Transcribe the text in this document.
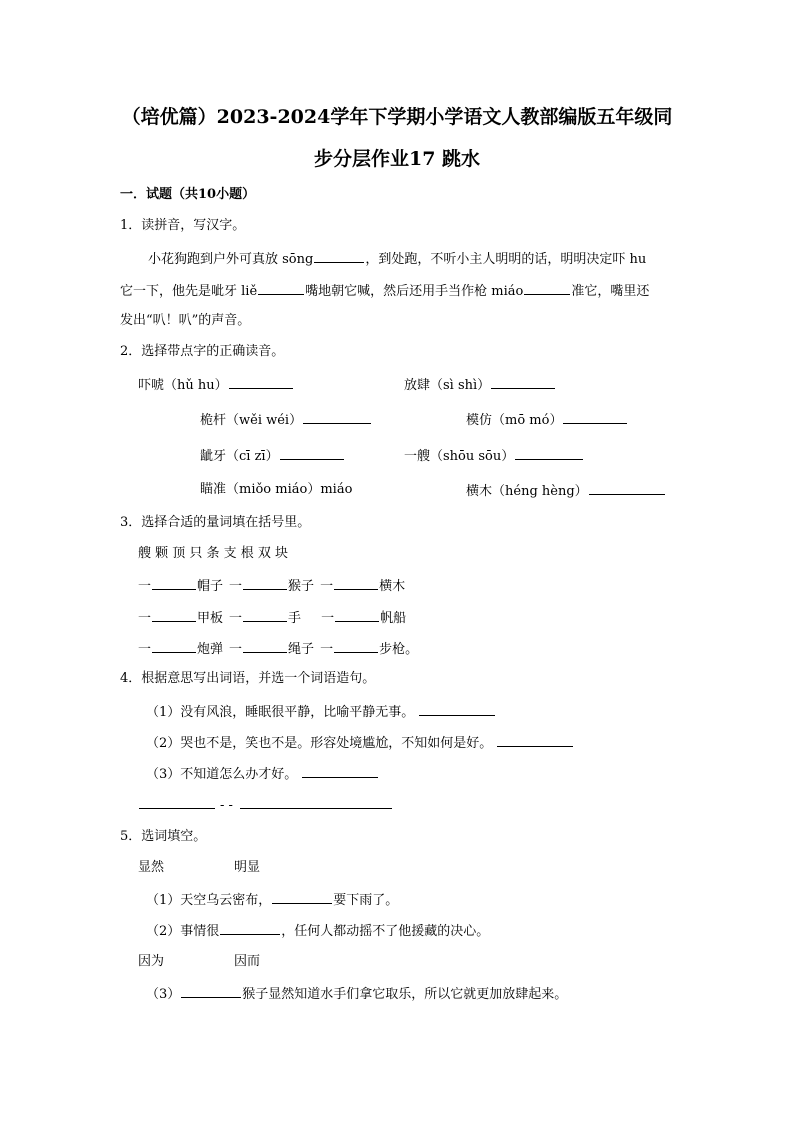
（培优篇）2023-2024学年下学期小学语文人教部编版五年级同
步分层作业17 跳水
一．试题（共10小题）
1．读拼音，写汉字。
小花狗跑到户外可真放 sōng	，到处跑，不听小主人明明的话，明明决定吓 hu
它一下，他先是呲牙 liě	嘴地朝它喊，然后还用手当作枪 miáo	准它，嘴里还
发出“叭！叭”的声音。
2．选择带点字的正确读音。
吓唬（hǔ hu）	放肆（sì shì）
桅杆（wěi wéi）	模仿（mō mó）
龇牙（cī zī）	一艘（shōu sōu）
瞄准（miǒo miáo）miáo	横木（héng hèng）
3．选择合适的量词填在括号里。
艘 颗 顶 只 条 支 根 双 块
一	帽子 一	猴子 一	横木
一	甲板 一	手 一	帆船
一	炮弹 一	绳子 一	步枪。
4．根据意思写出词语，并选一个词语造句。
（1）没有风浪，睡眠很平静，比喻平静无事。
（2）哭也不是，笑也不是。形容处境尴尬，不知如何是好。
（3）不知道怎么办才好。
- -
5．选词填空。
显然	明显
（1）天空乌云密布，	要下雨了。
（2）事情很	，任何人都动摇不了他援藏的决心。
因为	因而
（3）	猴子显然知道水手们拿它取乐，所以它就更加放肆起来。
